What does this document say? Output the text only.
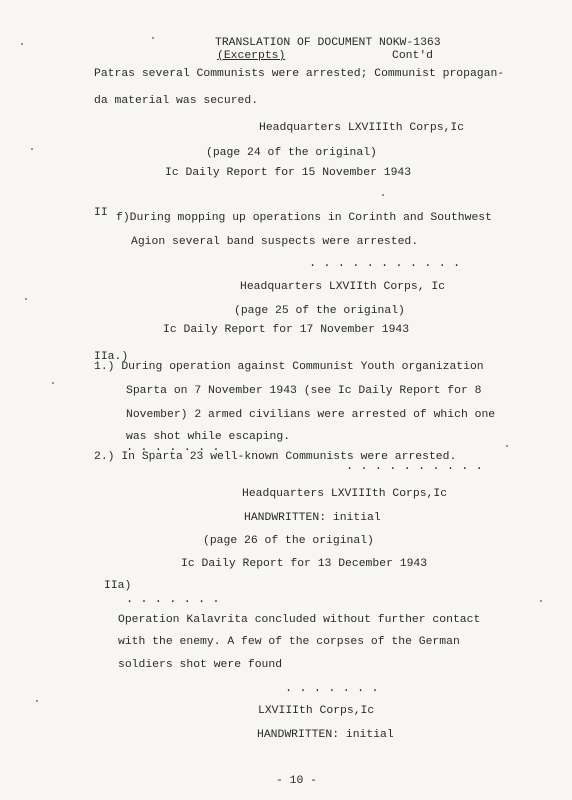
TRANSLATION OF DOCUMENT NOKW-1363
(Excerpts)	Cont'd
Patras several Communists were arrested; Communist propagan-
da material was secured.
Headquarters LXVIIIth Corps,Ic
(page 24 of the original)
Ic Daily Report for 15 November 1943
II f)During mopping up operations in Corinth and Southwest
Agion several band suspects were arrested.
. . . . . . . . . . .
Headquarters LXVIIth Corps, Ic
(page 25 of the original)
Ic Daily Report for 17 November 1943
IIa.)
1.) During operation against Communist Youth organization
Sparta on 7 November 1943 (see Ic Daily Report for 8
November) 2 armed civilians were arrested of which one
was shot while escaping.
. . . . . . .
2.) In Sparta 23 well-known Communists were arrested.
. . . . . . . . . .
Headquarters LXVIIIth Corps,Ic
HANDWRITTEN: initial
(page 26 of the original)
Ic Daily Report for 13 December 1943
IIa)
. . . . . . .
Operation Kalavrita concluded without further contact
with the enemy. A few of the corpses of the German
soldiers shot were found
. . . . . . .
LXVIIIth Corps,Ic
HANDWRITTEN: initial
- 10 -
